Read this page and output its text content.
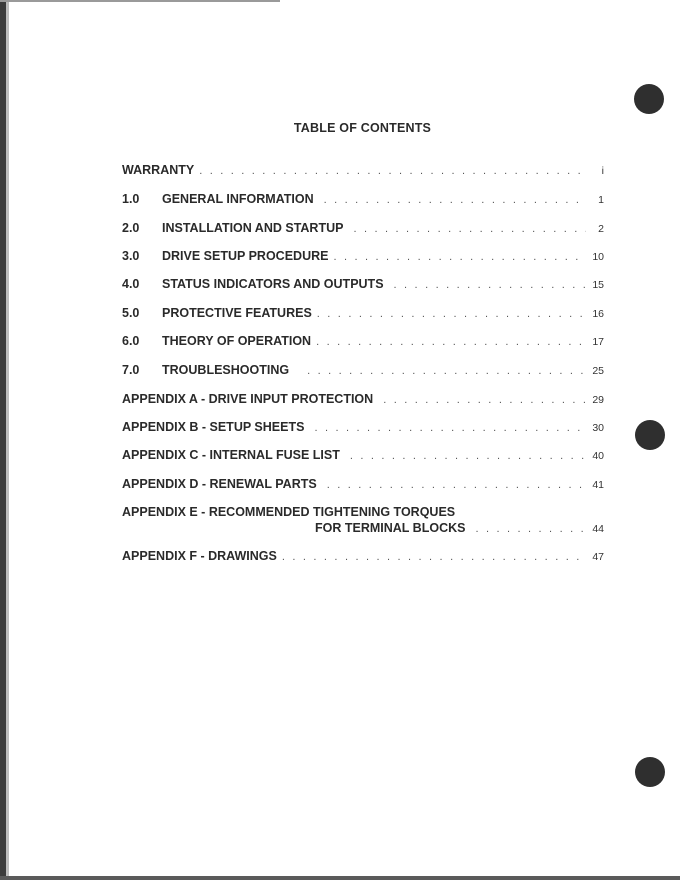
TABLE OF CONTENTS
WARRANTY . . .	i
1.0	GENERAL INFORMATION . . .	1
2.0	INSTALLATION AND STARTUP . . .	2
3.0	DRIVE SETUP PROCEDURE . . .	10
4.0	STATUS INDICATORS AND OUTPUTS . . .	15
5.0	PROTECTIVE FEATURES . . .	16
6.0	THEORY OF OPERATION . . .	17
7.0	TROUBLESHOOTING . . .	25
APPENDIX A - DRIVE INPUT PROTECTION . . .	29
APPENDIX B - SETUP SHEETS . . .	30
APPENDIX C - INTERNAL FUSE LIST . . .	40
APPENDIX D - RENEWAL PARTS . . .	41
APPENDIX E - RECOMMENDED TIGHTENING TORQUES
FOR TERMINAL BLOCKS . . .	44
APPENDIX F - DRAWINGS . . .	47
